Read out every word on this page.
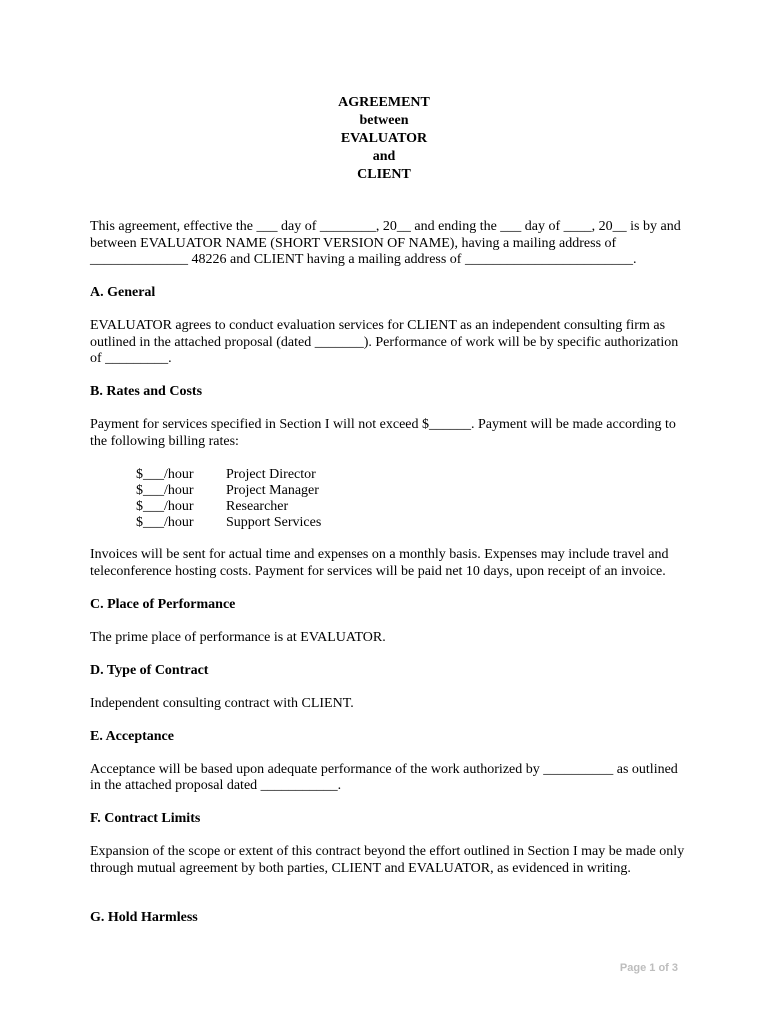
AGREEMENT
between
EVALUATOR
and
CLIENT

This agreement, effective the ___ day of ________, 20__ and ending the ___ day of ____, 20__ is by and between EVALUATOR NAME (SHORT VERSION OF NAME), having a mailing address of ______________ 48226 and CLIENT having a mailing address of ________________________.

A. General

EVALUATOR agrees to conduct evaluation services for CLIENT as an independent consulting firm as outlined in the attached proposal (dated _______). Performance of work will be by specific authorization of _________.

B. Rates and Costs

Payment for services specified in Section I will not exceed $______. Payment will be made according to the following billing rates:

$___/hour	Project Director
$___/hour	Project Manager
$___/hour	Researcher
$___/hour	Support Services

Invoices will be sent for actual time and expenses on a monthly basis. Expenses may include travel and teleconference hosting costs. Payment for services will be paid net 10 days, upon receipt of an invoice.

C. Place of Performance

The prime place of performance is at EVALUATOR.

D. Type of Contract

Independent consulting contract with CLIENT.

E. Acceptance

Acceptance will be based upon adequate performance of the work authorized by __________ as outlined in the attached proposal dated ___________.

F. Contract Limits

Expansion of the scope or extent of this contract beyond the effort outlined in Section I may be made only through mutual agreement by both parties, CLIENT and EVALUATOR, as evidenced in writing.

G. Hold Harmless
Page 1 of 3
